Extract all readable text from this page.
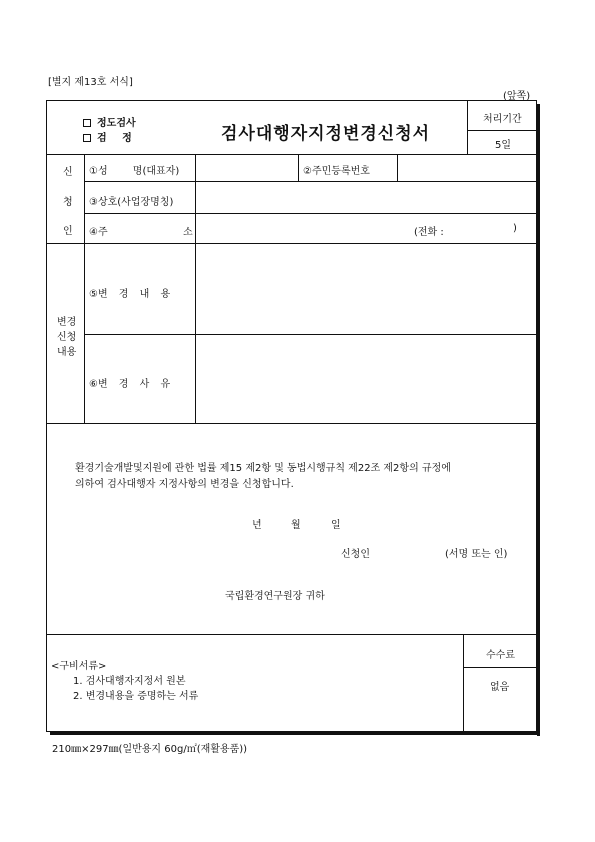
[별지 제13호 서식]
(앞쪽)
정도검사
검 정	검사대행자지정변경신청서
처리기간
5일
신
청
인
①성 명(대표자)	②주민등록번호
③상호(사업장명칭)
④주	소	(전화 :	)
변경
신청
내용
⑤변 경 내 용
⑥변 경 사 유
환경기술개발및지원에 관한 법률 제15 제2항 및 동법시행규칙 제22조 제2항의 규정에
의하여 검사대행자 지정사항의 변경을 신청합니다.
년	월	일
신청인	(서명 또는 인)
국립환경연구원장 귀하
<구비서류>
1. 검사대행자지정서 원본
2. 변경내용을 증명하는 서류
수수료
없음
210㎜×297㎜(일반용지 60g/㎡(재활용품))
